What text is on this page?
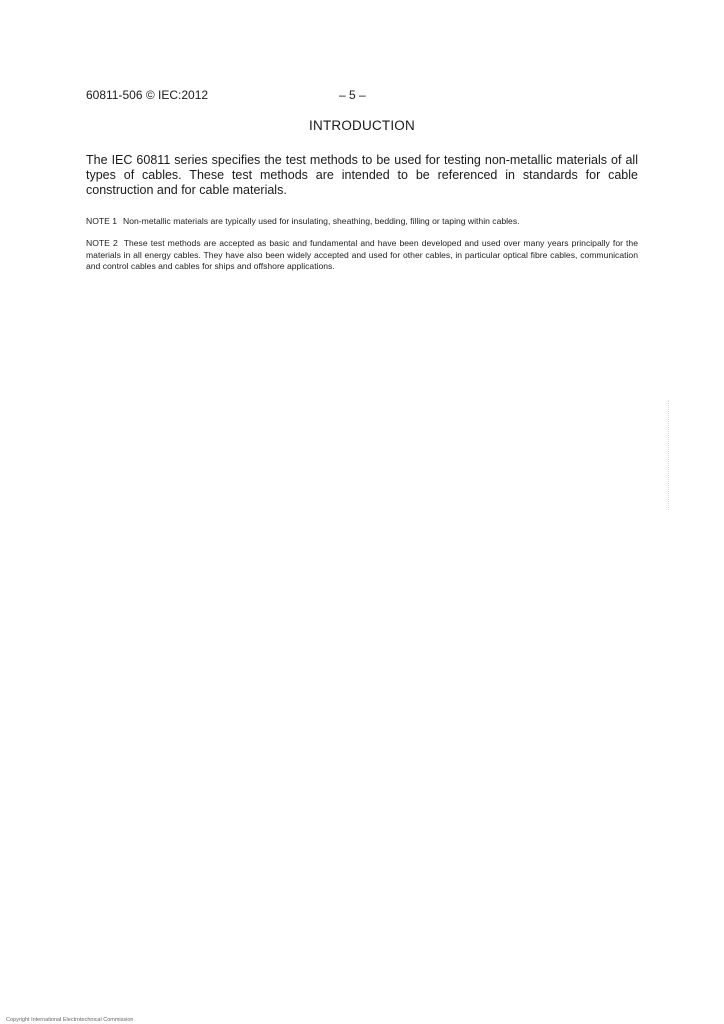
60811-506 © IEC:2012	– 5 –
INTRODUCTION

The IEC 60811 series specifies the test methods to be used for testing non-metallic materials of all types of cables. These test methods are intended to be referenced in standards for cable construction and for cable materials.

NOTE 1 Non-metallic materials are typically used for insulating, sheathing, bedding, filling or taping within cables.

NOTE 2 These test methods are accepted as basic and fundamental and have been developed and used over many years principally for the materials in all energy cables. They have also been widely accepted and used for other cables, in particular optical fibre cables, communication and control cables and cables for ships and offshore applications.

Copyright International Electrotechnical Commission
